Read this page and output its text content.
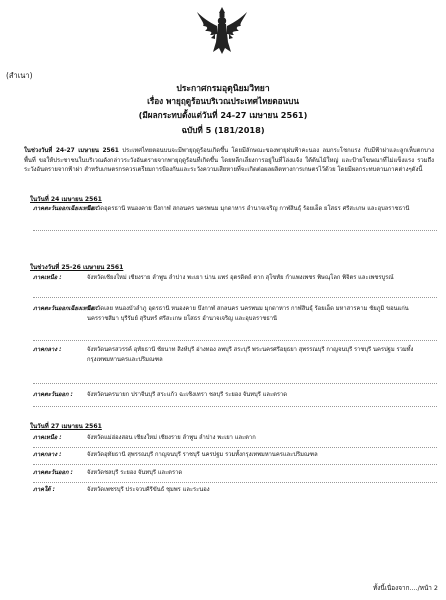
(สำเนา)
ประกาศกรมอุตุนิยมวิทยา
เรื่อง พายุฤดูร้อนบริเวณประเทศไทยตอนบน
(มีผลกระทบตั้งแต่วันที่ 24-27 เมษายน 2561)
ฉบับที่ 5 (181/2018)

ในช่วงวันที่ 24-27 เมษายน 2561 ประเทศไทยตอนบนจะมีพายุฤดูร้อนเกิดขึ้น โดยมีลักษณะของพายุฝนฟ้าคะนอง ลมกระโชกแรง กับมีฟ้าผ่าและลูกเห็บตกบางพื้นที่ ขอให้ประชาชนในบริเวณดังกล่าวระวังอันตรายจากพายุฤดูร้อนที่เกิดขึ้น โดยหลีกเลี่ยงการอยู่ในที่โล่งแจ้ง ใต้ต้นไม้ใหญ่ และป้ายโฆษณาที่ไม่แข็งแรง รวมถึงระวังอันตรายจากฟ้าผ่า สำหรับเกษตรกรควรเตรียมการป้องกันและระวังความเสียหายที่จะเกิดต่อผลผลิตทางการเกษตรไว้ด้วย โดยมีผลกระทบตามภาคต่างๆดังนี้

ในวันที่ 24 เมษายน 2561
ภาคตะวันออกเฉียงเหนือ :
จังหวัดอุดรธานี หนองคาย บึงกาฬ สกลนคร นครพนม มุกดาหาร อำนาจเจริญ กาฬสินธุ์ ร้อยเอ็ด ยโสธร ศรีสะเกษ และอุบลราชธานี
ในช่วงวันที่ 25-26 เมษายน 2561
ภาคเหนือ :	จังหวัดเชียงใหม่ เชียงราย ลำพูน ลำปาง พะเยา น่าน แพร่ อุตรดิตถ์ ตาก สุโขทัย กำแพงเพชร พิษณุโลก พิจิตร และเพชรบูรณ์
ภาคตะวันออกเฉียงเหนือ :
จังหวัดเลย หนองบัวลำภู อุดรธานี หนองคาย บึงกาฬ สกลนคร นครพนม มุกดาหาร กาฬสินธุ์ ร้อยเอ็ด มหาสารคาม ชัยภูมิ ขอนแก่น นครราชสีมา บุรีรัมย์ สุรินทร์ ศรีสะเกษ ยโสธร อำนาจเจริญ และอุบลราชธานี
ภาคกลาง :	จังหวัดนครสวรรค์ อุทัยธานี ชัยนาท สิงห์บุรี อ่างทอง ลพบุรี สระบุรี พระนครศรีอยุธยา สุพรรณบุรี กาญจนบุรี ราชบุรี นครปฐม รวมทั้งกรุงเทพมหานครและปริมณฑล
ภาคตะวันออก :	จังหวัดนครนายก ปราจีนบุรี สระแก้ว ฉะเชิงเทรา ชลบุรี ระยอง จันทบุรี และตราด
ในวันที่ 27 เมษายน 2561
ภาคเหนือ :	จังหวัดแม่ฮ่องสอน เชียงใหม่ เชียงราย ลำพูน ลำปาง พะเยา และตาก
ภาคกลาง :	จังหวัดอุทัยธานี สุพรรณบุรี กาญจนบุรี ราชบุรี นครปฐม รวมทั้งกรุงเทพมหานครและปริมณฑล
ภาคตะวันออก :	จังหวัดชลบุรี ระยอง จันทบุรี และตราด
ภาคใต้ :	จังหวัดเพชรบุรี ประจวบคีรีขันธ์ ชุมพร และระนอง
ทั้งนี้เนื่องจาก..../หน้า 2
